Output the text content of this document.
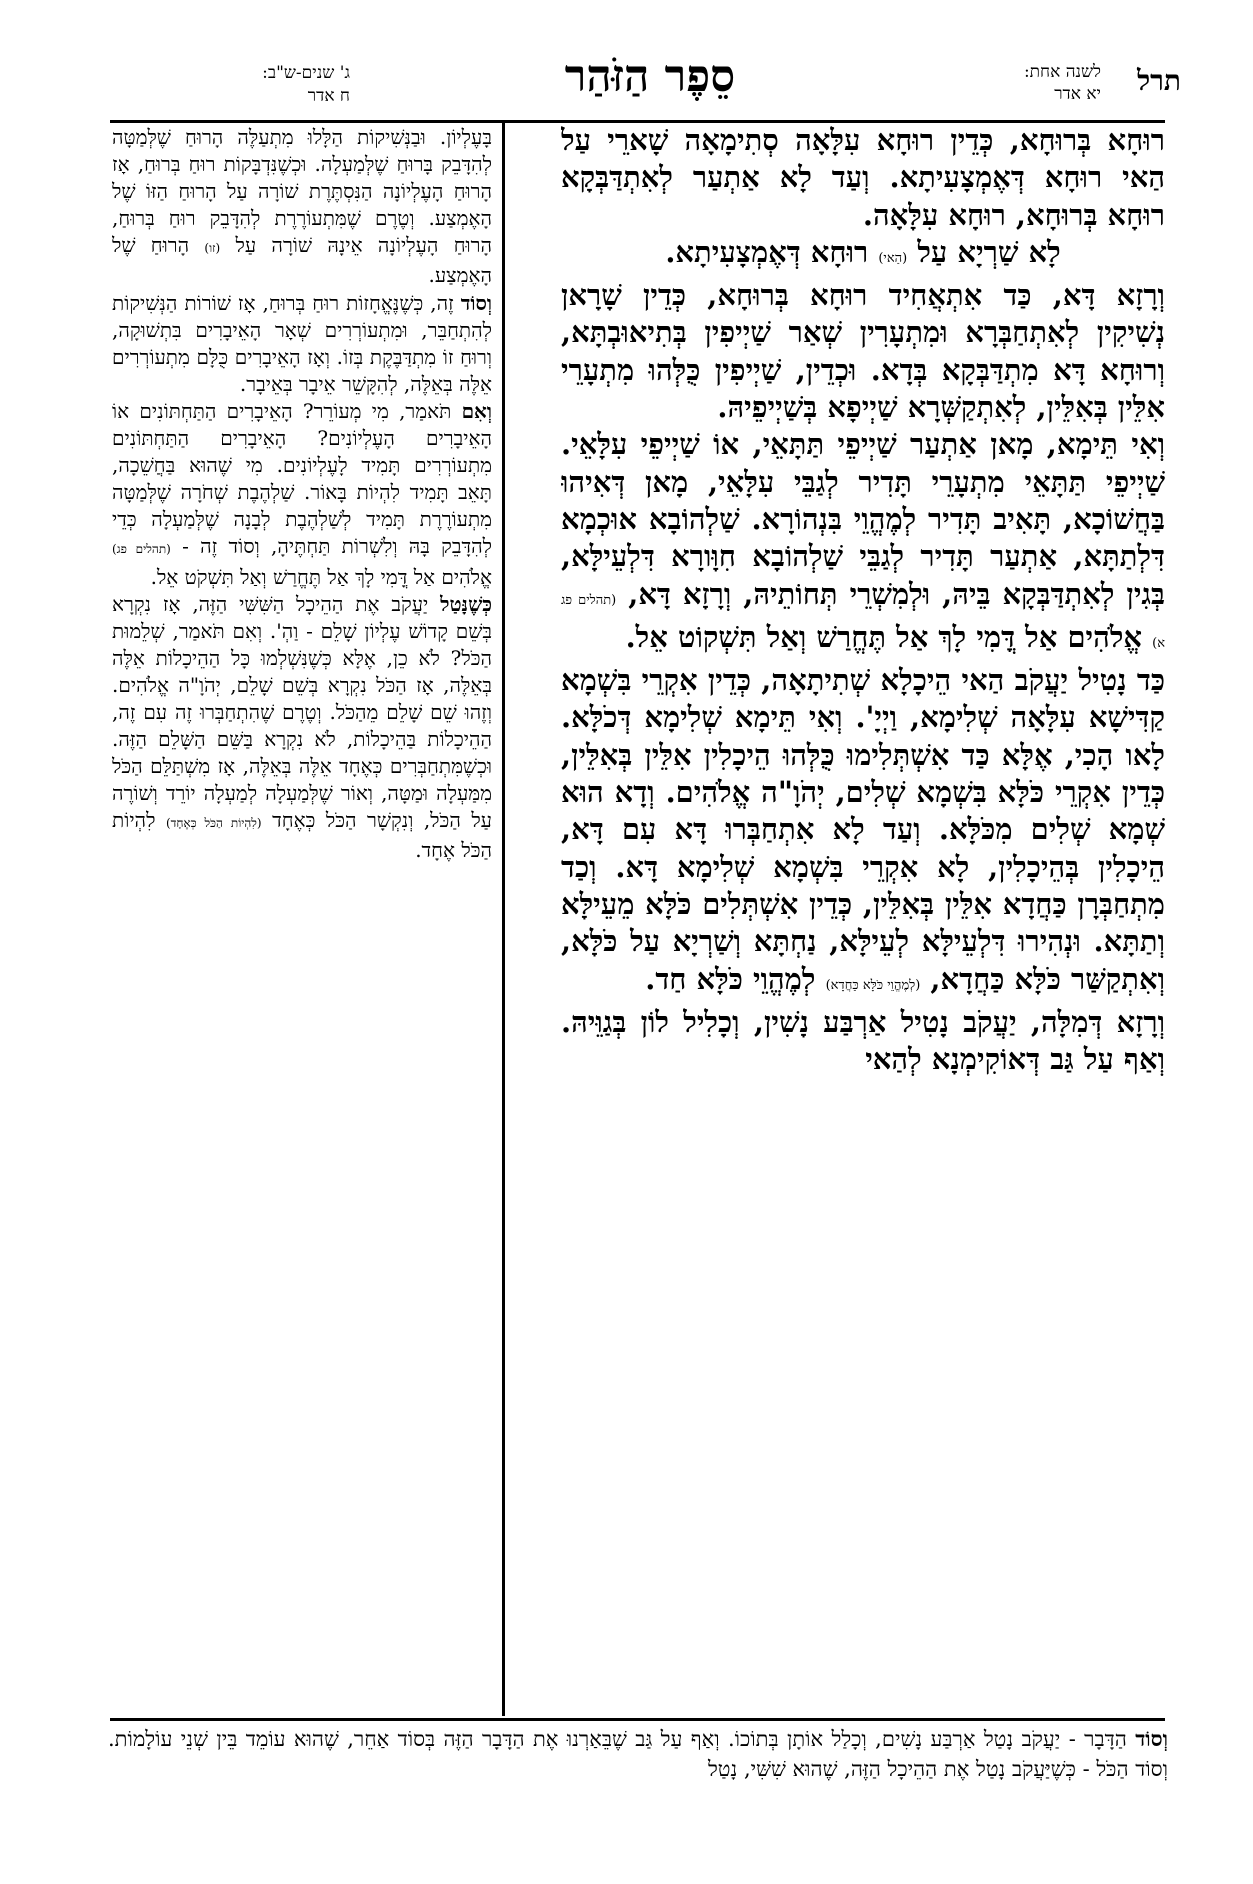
תרל
לשנה אחת:
יא אדר
סֵפֶר הַזֹּהַר
ג' שנים-ש"ב:
ח אדר

רוּחָא בְּרוּחָא, כְּדֵין רוּחָא עִלָּאָה סְתִימָאָה שָׁארֵי עַל הַאי רוּחָא דְּאֶמְצָעִיתָא. וְעַד לָא אַתְעַר לְאִתְדַּבְּקָא רוּחָא בְּרוּחָא, רוּחָא עִלָּאָה.

לָא שַׁרְיָא עַל (הַאי) רוּחָא דְּאֶמְצָעִיתָא.

וְרָזָא דָּא, כַּד אִתְאֲחִיד רוּחָא בְּרוּחָא, כְּדֵין שָׁרָאן נְשִׁיקִין לְאִתְחַבְּרָא וּמִתְעָרִין שְׁאַר שַׁיְיפִין בְּתִיאוּבְתָּא, וְרוּחָא דָּא מִתְדַּבְּקָא בְּדָא. וּכְדֵין, שַׁיְיפִין כֻּלְּהוּ מִתְעָרֵי אִלֵּין בְּאִלֵּין, לְאִתְקַשְּׁרָא שַׁיְיפָא בְּשַׁיְיפֵיהּ.

וְאִי תֵּימָא, מָאן אַתְעַר שַׁיְיפֵי תַּתָּאֵי, אוֹ שַׁיְיפֵי עִלָּאֵי. שַׁיְיפֵי תַּתָּאֵי מִתְעָרֵי תָּדִיר לְגַבֵּי עִלָּאֵי, מָאן דְּאִיהוּ בַּחֲשׁוֹכָא, תָּאִיב תָּדִיר לְמֶהֱוֵי בִּנְהוֹרָא. שַׁלְהוֹבָא אוּכְמָא דִּלְתַתָּא, אַתְעַר תָּדִיר לְגַבֵּי שַׁלְהוֹבָא חִוָּורָא דִּלְעֵילָּא, בְּגִין לְאִתְדַּבְּקָא בֵּיהּ, וּלְמִשְׁרֵי תְּחוֹתֵיהּ, וְרָזָא דָּא, (תהלים פג א) אֱלֹהִים אַל דֳּמִי לָךְ אַל תֶּחֱרַשׁ וְאַל תִּשְׁקוֹט אֵל.

כַּד נָטִיל יַעֲקֹב הַאי הֵיכָלָא שְׁתִיתָאָה, כְּדֵין אִקְרֵי בִּשְׁמָא קַדִּישָׁא עִלָּאָה שְׁלִימָא, וַיְיָ'. וְאִי תֵּימָא שְׁלִימָא דְּכֹלָּא. לָאו הָכִי, אֶלָּא כַּד אִשְׁתְּלִימוּ כֻּלְּהוּ הֵיכָלִין אִלֵּין בְּאִלֵּין, כְּדֵין אִקְרֵי כֹּלָּא בִּשְׁמָא שְׁלִים, יְהֹוָ"ה אֱלֹהִים. וְדָא הוּא שְׁמָא שְׁלִים מִכֹּלָּא. וְעַד לָא אִתְחַבְּרוּ דָּא עִם דָּא, הֵיכָלִין בְּהֵיכָלִין, לָא אִקְרֵי בִּשְׁמָא שְׁלִימָא דָּא. וְכַד מִתְחַבְּרָן כַּחֲדָא אִלֵּין בְּאִלֵּין, כְּדֵין אִשְׁתְּלִים כֹּלָּא מֵעֵילָּא וְתַתָּא. וּנְהִירוּ דִּלְעֵילָּא לְעֵילָּא, נַחְתָּא וְשַׁרְיָא עַל כֹּלָּא, וְאִתְקַשַּׁר כֹּלָּא כַּחֲדָא, (לְמֶהֱוֵי כֹּלָּא כַּחֲדָא) לְמֶהֱוֵי כֹּלָּא חַד.

וְרָזָא דְּמִלָּה, יַעֲקֹב נָטִיל אַרְבַּע נָשִׁין, וְכָלִיל לוֹן בְּגַוֵּיהּ. וְאַף עַל גַּב דְּאוֹקִימְנָא לְהַאי

בָּעֶלְיוֹן. וּבַנְּשִׁיקוֹת הַלָּלוּ מִתְעַלֶּה הָרוּחַ שֶׁלְּמַטָּה לְהִדָּבֵק בָּרוּחַ שֶׁלְּמַעְלָה. וּכְשֶׁנִּדְבָּקוֹת רוּחַ בְּרוּחַ, אָז הָרוּחַ הָעֶלְיוֹנָה הַנִּסְתֶּרֶת שׁוֹרָה עַל הָרוּחַ הַזּוֹ שֶׁל הָאֶמְצַע. וְטֶרֶם שֶׁמִּתְעוֹרֶרֶת לְהִדָּבֵק רוּחַ בְּרוּחַ, הָרוּחַ הָעֶלְיוֹנָה אֵינָהּ שׁוֹרָה עַל (זו) הָרוּחַ שֶׁל הָאֶמְצַע.

וְסוֹד זֶה, כְּשֶׁנֶּאֱחָזוֹת רוּחַ בְּרוּחַ, אָז שׁוֹרוֹת הַנְּשִׁיקוֹת לְהִתְחַבֵּר, וּמִתְעוֹרְרִים שְׁאָר הָאֵיבָרִים בִּתְשׁוּקָה, וְרוּחַ זוֹ מִתְדַּבֶּקֶת בְּזוֹ. וְאָז הָאֵיבָרִים כֻּלָּם מִתְעוֹרְרִים אֵלֶּה בְּאֵלֶּה, לְהִקָּשֵׁר אֵיבָר בְּאֵיבָר.

וְאִם תֹּאמַר, מִי מְעוֹרֵר? הָאֵיבָרִים הַתַּחְתּוֹנִים אוֹ הָאֵיבָרִים הָעֶלְיוֹנִים? הָאֵיבָרִים הַתַּחְתּוֹנִים מִתְעוֹרְרִים תָּמִיד לָעֶלְיוֹנִים. מִי שֶׁהוּא בַּחֲשֵׁכָה, תָּאֵב תָּמִיד לִהְיוֹת בָּאוֹר. שַׁלְהֶבֶת שְׁחֹרָה שֶׁלְּמַטָּה מִתְעוֹרֶרֶת תָּמִיד לְשַׁלְהֶבֶת לְבָנָה שֶׁלְּמַעְלָה כְּדֵי לְהִדָּבֵק בָּהּ וְלִשְׁרוֹת תַּחְתֶּיהָ, וְסוֹד זֶה - (תהלים פג) אֱלֹהִים אַל דֳּמִי לָךְ אַל תֶּחֱרַשׁ וְאַל תִּשְׁקֹט אֵל.

כְּשֶׁנָּטַל יַעֲקֹב אֶת הַהֵיכָל הַשִּׁשִּׁי הַזֶּה, אָז נִקְרָא בְּשֵׁם קָדוֹשׁ עֶלְיוֹן שָׁלֵם - וַהְ'. וְאִם תֹּאמַר, שְׁלֵמוּת הַכֹּל? לֹא כֵן, אֶלָּא כְּשֶׁנִּשְׁלְמוּ כָּל הַהֵיכָלוֹת אֵלֶּה בְּאֵלֶּה, אָז הַכֹּל נִקְרָא בְּשֵׁם שָׁלֵם, יְהֹוָ"ה אֱלֹהִים. וְזֶהוּ שֵׁם שָׁלֵם מֵהַכֹּל. וְטֶרֶם שֶׁהִתְחַבְּרוּ זֶה עִם זֶה, הַהֵיכָלוֹת בַּהֵיכָלוֹת, לֹא נִקְרָא בַּשֵּׁם הַשָּׁלֵם הַזֶּה. וּכְשֶׁמִּתְחַבְּרִים כְּאֶחָד אֵלֶּה בְּאֵלֶּה, אָז מִשְׁתַּלֵּם הַכֹּל מִמַּעְלָה וּמַטָּה, וְאוֹר שֶׁלְּמַעְלָה לְמַעְלָה יוֹרֵד וְשׁוֹרֶה עַל הַכֹּל, וְנִקְשָׁר הַכֹּל כְּאֶחָד (לִהְיוֹת הַכֹּל כְּאֶחָד) לִהְיוֹת הַכֹּל אֶחָד.

וְסוֹד הַדָּבָר - יַעֲקֹב נָטַל אַרְבַּע נָשִׁים, וְכָלַל אוֹתָן בְּתוֹכוֹ. וְאַף עַל גַּב שֶׁבֵּאַרְנוּ אֶת הַדָּבָר הַזֶּה בְּסוֹד אַחֵר, שֶׁהוּא עוֹמֵד בֵּין שְׁנֵי עוֹלָמוֹת. וְסוֹד הַכֹּל - כְּשֶׁיַּעֲקֹב נָטַל אֶת הַהֵיכָל הַזֶּה, שֶׁהוּא שִׁשִּׁי, נָטַל
